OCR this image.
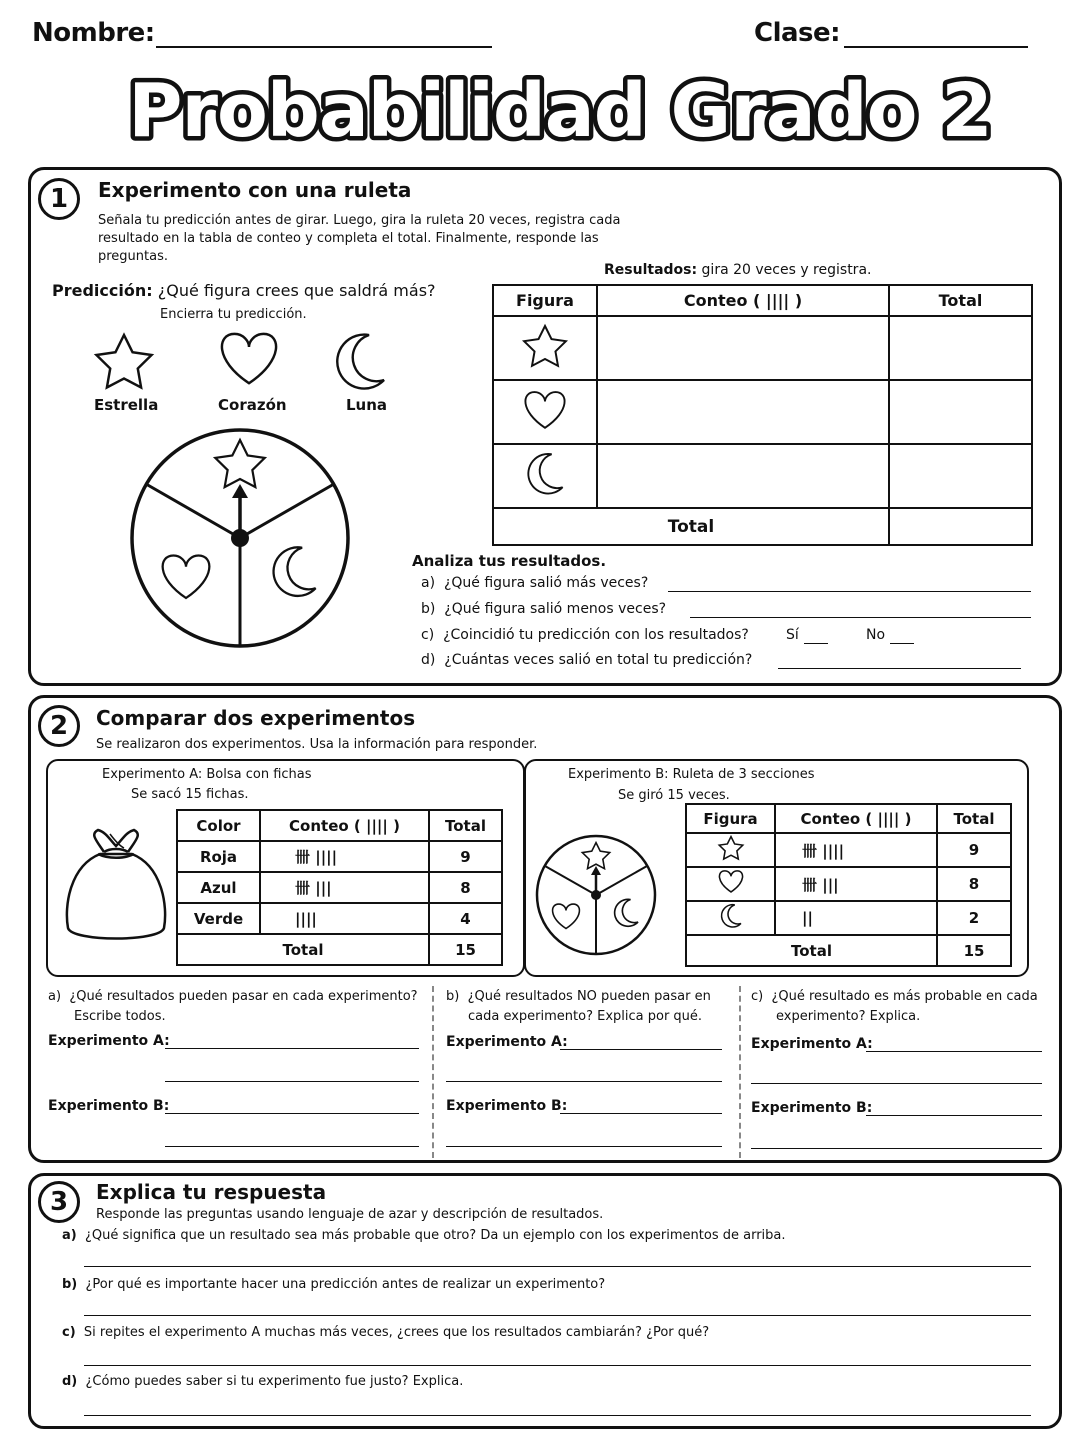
Nombre:	Clase:
Probabilidad Grado 2
1	Experimento con una ruleta
Señala tu predicción antes de girar. Luego, gira la ruleta 20 veces, registra cada resultado en la tabla de conteo y completa el total. Finalmente, responde las preguntas.
Predicción: ¿Qué figura crees que saldrá más?
Encierra tu predicción.
Estrella	Corazón	Luna
Resultados: gira 20 veces y registra.
Figura	Conteo ( |||| )	Total

Total		
Analiza tus resultados.
a) ¿Qué figura salió más veces?
b) ¿Qué figura salió menos veces?
c) ¿Coincidió tu predicción con los resultados?	Sí	No
d) ¿Cuántas veces salió en total tu predicción?
2	Comparar dos experimentos
Se realizaron dos experimentos. Usa la información para responder.
Experimento A: Bolsa con fichas
Se sacó 15 fichas.
Color	Conteo ( |||| )	Total
Roja	卌 ||||	9
Azul	卌 |||	8
Verde	||||	4
Total		15
Experimento B: Ruleta de 3 secciones
Se giró 15 veces.
Figura	Conteo ( |||| )	Total
	卌 ||||	9
	卌 |||	8
	||	2
Total		15
a) ¿Qué resultados pueden pasar en cada experimento? Escribe todos.
Experimento A:
Experimento B:
b) ¿Qué resultados NO pueden pasar en cada experimento? Explica por qué.
Experimento A:
Experimento B:
c) ¿Qué resultado es más probable en cada experimento? Explica.
Experimento A:
Experimento B:
3	Explica tu respuesta
Responde las preguntas usando lenguaje de azar y descripción de resultados.
a) ¿Qué significa que un resultado sea más probable que otro? Da un ejemplo con los experimentos de arriba.
b) ¿Por qué es importante hacer una predicción antes de realizar un experimento?
c) Si repites el experimento A muchas más veces, ¿crees que los resultados cambiarán? ¿Por qué?
d) ¿Cómo puedes saber si tu experimento fue justo? Explica.
